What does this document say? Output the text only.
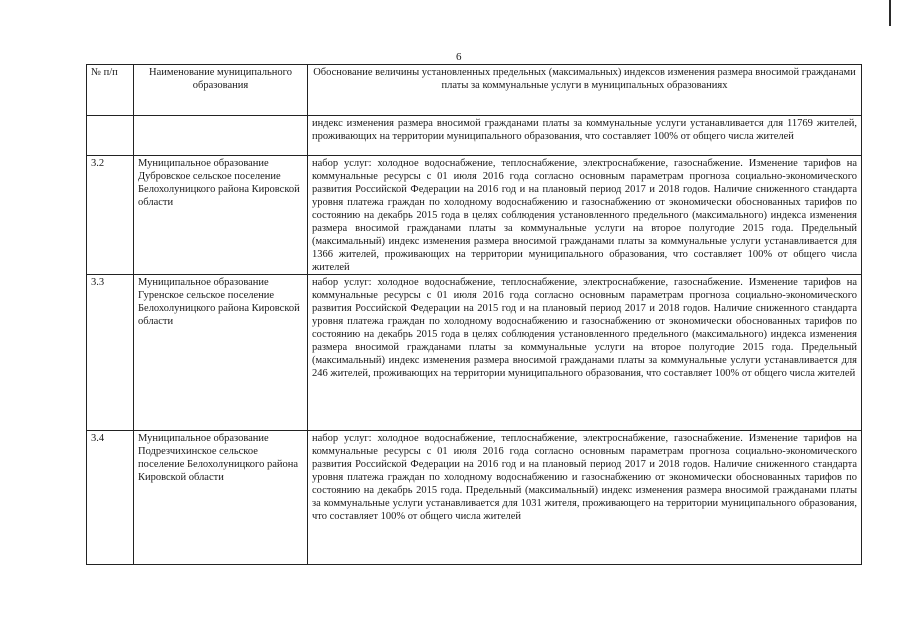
6
№ п/п	Наименование муниципального образования	Обоснование величины установленных предельных (максимальных) индексов изменения размера вносимой гражданами платы за коммунальные услуги в муниципальных образованиях
		индекс изменения размера вносимой гражданами платы за коммунальные услуги устанавливается для 11769 жителей, проживающих на территории муниципального образования, что составляет 100% от общего числа жителей
3.2	Муниципальное образование Дубровское сельское поселение Белохолуницкого района Кировской области	набор услуг: холодное водоснабжение, теплоснабжение, электроснабжение, газоснабжение. Изменение тарифов на коммунальные ресурсы с 01 июля 2016 года согласно основным параметрам прогноза социально-экономического развития Российской Федерации на 2016 год и на плановый период 2017 и 2018 годов. Наличие сниженного стандарта уровня платежа граждан по холодному водоснабжению и газоснабжению от экономически обоснованных тарифов по состоянию на декабрь 2015 года в целях соблюдения установленного предельного (максимального) индекса изменения размера вносимой гражданами платы за коммунальные услуги на второе полугодие 2015 года. Предельный (максимальный) индекс изменения размера вносимой гражданами платы за коммунальные услуги устанавливается для 1366 жителей, проживающих на территории муниципального образования, что составляет 100% от общего числа жителей
3.3	Муниципальное образование Гуренское сельское поселение Белохолуницкого района Кировской области	набор услуг: холодное водоснабжение, теплоснабжение, электроснабжение, газоснабжение. Изменение тарифов на коммунальные ресурсы с 01 июля 2016 года согласно основным параметрам прогноза социально-экономического развития Российской Федерации на 2015 год и на плановый период 2017 и 2018 годов. Наличие сниженного стандарта уровня платежа граждан по холодному водоснабжению и газоснабжению от экономически обоснованных тарифов по состоянию на декабрь 2015 года в целях соблюдения установленного предельного (максимального) индекса изменения размера вносимой гражданами платы за коммунальные услуги на второе полугодие 2015 года. Предельный (максимальный) индекс изменения размера вносимой гражданами платы за коммунальные услуги устанавливается для 246 жителей, проживающих на территории муниципального образования, что составляет 100% от общего числа жителей
3.4	Муниципальное образование Подрезчихинское сельское поселение Белохолуницкого района Кировской области	набор услуг: холодное водоснабжение, теплоснабжение, электроснабжение, газоснабжение. Изменение тарифов на коммунальные ресурсы с 01 июля 2016 года согласно основным параметрам прогноза социально-экономического развития Российской Федерации на 2016 год и на плановый период 2017 и 2018 годов. Наличие сниженного стандарта уровня платежа граждан по холодному водоснабжению и газоснабжению от экономически обоснованных тарифов по состоянию на декабрь 2015 года. Предельный (максимальный) индекс изменения размера вносимой гражданами платы за коммунальные услуги устанавливается для 1031 жителя, проживающего на территории муниципального образования, что составляет 100% от общего числа жителей
